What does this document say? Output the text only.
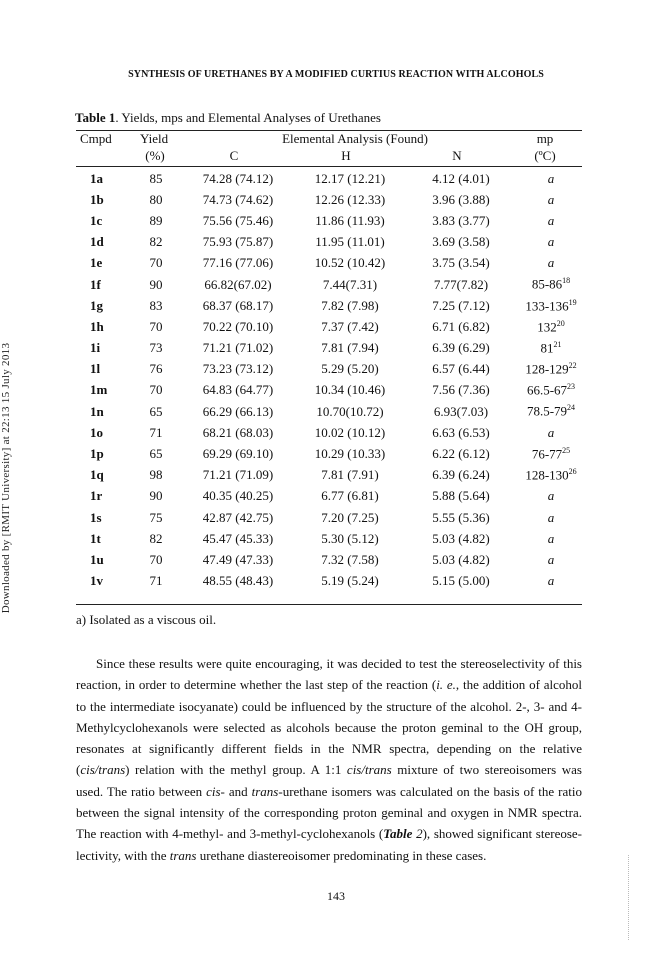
SYNTHESIS OF URETHANES BY A MODIFIED CURTIUS REACTION WITH ALCOHOLS
Downloaded by [RMIT University] at 22:13 15 July 2013
Table 1. Yields, mps and Elemental Analyses of Urethanes
Cmpd Yield	Elemental Analysis (Found)	mp
(%)	C	H	N	(ºC)
1a	85	74.28 (74.12)	12.17 (12.21)	4.12 (4.01)	a
1b	80	74.73 (74.62)	12.26 (12.33)	3.96 (3.88)	a
1c	89	75.56 (75.46)	11.86 (11.93)	3.83 (3.77)	a
1d	82	75.93 (75.87)	11.95 (11.01)	3.69 (3.58)	a
1e	70	77.16 (77.06)	10.52 (10.42)	3.75 (3.54)	a
1f	90	66.82(67.02)	7.44(7.31)	7.77(7.82)	$85-86^{18}$
1g	83	68.37 (68.17)	7.82 (7.98)	7.25 (7.12)	$133-136^{19}$
1h	70	70.22 (70.10)	7.37 (7.42)	6.71 (6.82)	$132^{20}$
1i	73	71.21 (71.02)	7.81 (7.94)	6.39 (6.29)	$81^{21}$
1l	76	73.23 (73.12)	5.29 (5.20)	6.57 (6.44)	$128-129^{22}$
1m	70	64.83 (64.77)	10.34 (10.46)	7.56 (7.36)	$66.5-67^{23}$
1n	65	66.29 (66.13)	10.70(10.72)	6.93(7.03)	$78.5-79^{24}$
1o	71	68.21 (68.03)	10.02 (10.12)	6.63 (6.53)	a
1p	65	69.29 (69.10)	10.29 (10.33)	6.22 (6.12)	$76-77^{25}$
1q	98	71.21 (71.09)	7.81 (7.91)	6.39 (6.24)	$128-130^{26}$
1r	90	40.35 (40.25)	6.77 (6.81)	5.88 (5.64)	a
1s	75	42.87 (42.75)	7.20 (7.25)	5.55 (5.36)	a
1t	82	45.47 (45.33)	5.30 (5.12)	5.03 (4.82)	a
1u	70	47.49 (47.33)	7.32 (7.58)	5.03 (4.82)	a
1v	71	48.55 (48.43)	5.19 (5.24)	5.15 (5.00)	a
a) Isolated as a viscous oil.

Since these results were quite encouraging, it was decided to test the stereoselectivity of this reaction, in order to determine whether the last step of the reaction (i. e., the addition of alcohol to the intermediate isocyanate) could be influenced by the structure of the alcohol. 2-, 3- and 4- Methylcyclohexanols were selected as alcohols because the proton geminal to the OH group, resonates at significantly different fields in the NMR spectra, depending on the relative (cis/trans) relation with the methyl group. A 1:1 cis/trans mixture of two stereoisomers was used. The ratio between cis- and trans-urethane isomers was calculated on the basis of the ratio between the signal intensity of the corresponding proton geminal and oxygen in NMR spectra. The reaction with 4-methyl- and 3-methyl-cyclohexanols (Table 2), showed significant stereose-lectivity, with the trans urethane diastereoisomer predominating in these cases.

143
